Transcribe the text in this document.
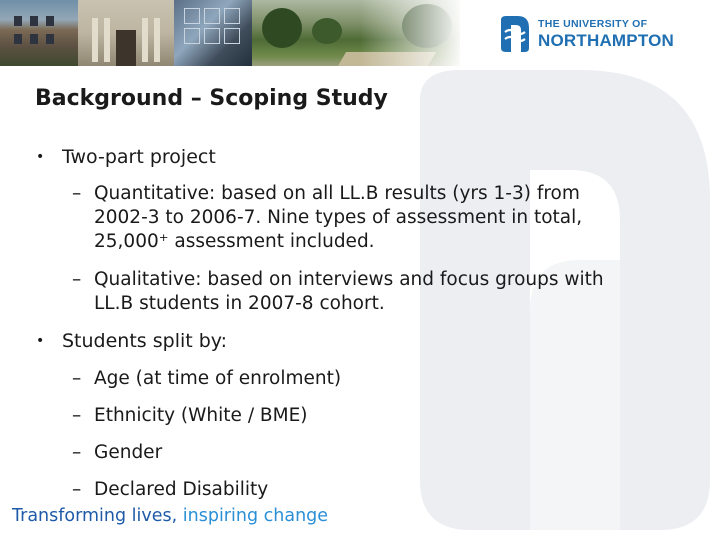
THE UNIVERSITY OF
NORTHAMPTON
Background – Scoping Study
• Two-part project
– Quantitative: based on all LL.B results (yrs 1-3) from
2002-3 to 2006-7. Nine types of assessment in total,
25,000⁺ assessment included.
– Qualitative: based on interviews and focus groups with
LL.B students in 2007-8 cohort.
• Students split by:
– Age (at time of enrolment)
– Ethnicity (White / BME)
– Gender
– Declared Disability
Transforming lives, inspiring change
